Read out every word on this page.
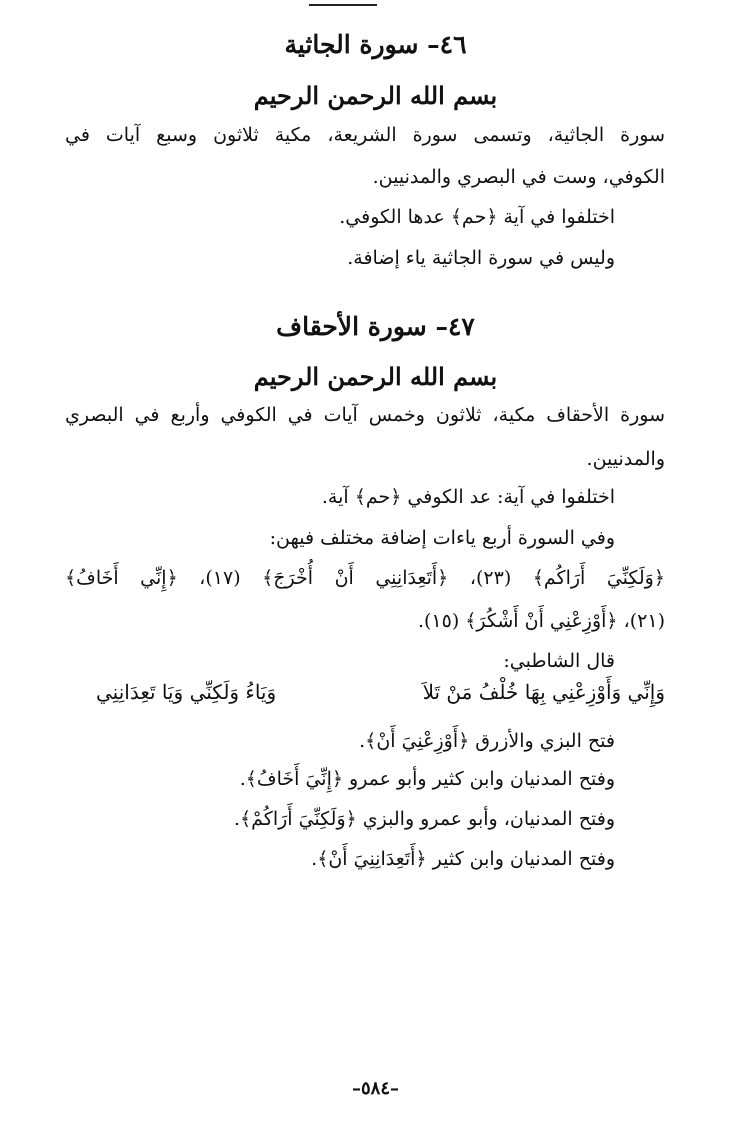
٤٦– سورة الجاثية
بسم الله الرحمن الرحيم
سورة الجاثية، وتسمى سورة الشريعة، مكية ثلاثون وسبع آيات في
الكوفي، وست في البصري والمدنيين.
اختلفوا في آية ﴿حم﴾ عدها الكوفي.
وليس في سورة الجاثية ياء إضافة.
٤٧– سورة الأحقاف
بسم الله الرحمن الرحيم
سورة الأحقاف مكية، ثلاثون وخمس آيات في الكوفي وأربع في البصري
والمدنيين.
اختلفوا في آية: عد الكوفي ﴿حم﴾ آية.
وفي السورة أربع ياءات إضافة مختلف فيهن:
﴿وَلَكِنِّيَ أَرَاكُم﴾ (٢٣)، ﴿أَتَعِدَانِنِي أَنْ أُخْرَجَ﴾ (١٧)، ﴿إِنِّي أَخَافُ﴾
(٢١)، ﴿أَوْزِعْنِي أَنْ أَشْكُرَ﴾ (١٥).
قال الشاطبي:
وَإِنِّي وَأَوْزِعْنِي بِهَا خُلْفُ مَنْ تَلاَ
وَيَاءُ وَلَكِنِّي وَيَا تَعِدَانِنِي
فتح البزي والأزرق ﴿أَوْزِعْنِيَ أَنْ﴾.
وفتح المدنيان وابن كثير وأبو عمرو ﴿إِنِّيَ أَخَافُ﴾.
وفتح المدنيان، وأبو عمرو والبزي ﴿وَلَكِنِّيَ أَرَاكُمْ﴾.
وفتح المدنيان وابن كثير ﴿أَتَعِدَانِنِيَ أَنْ﴾.
–٥٨٤–
